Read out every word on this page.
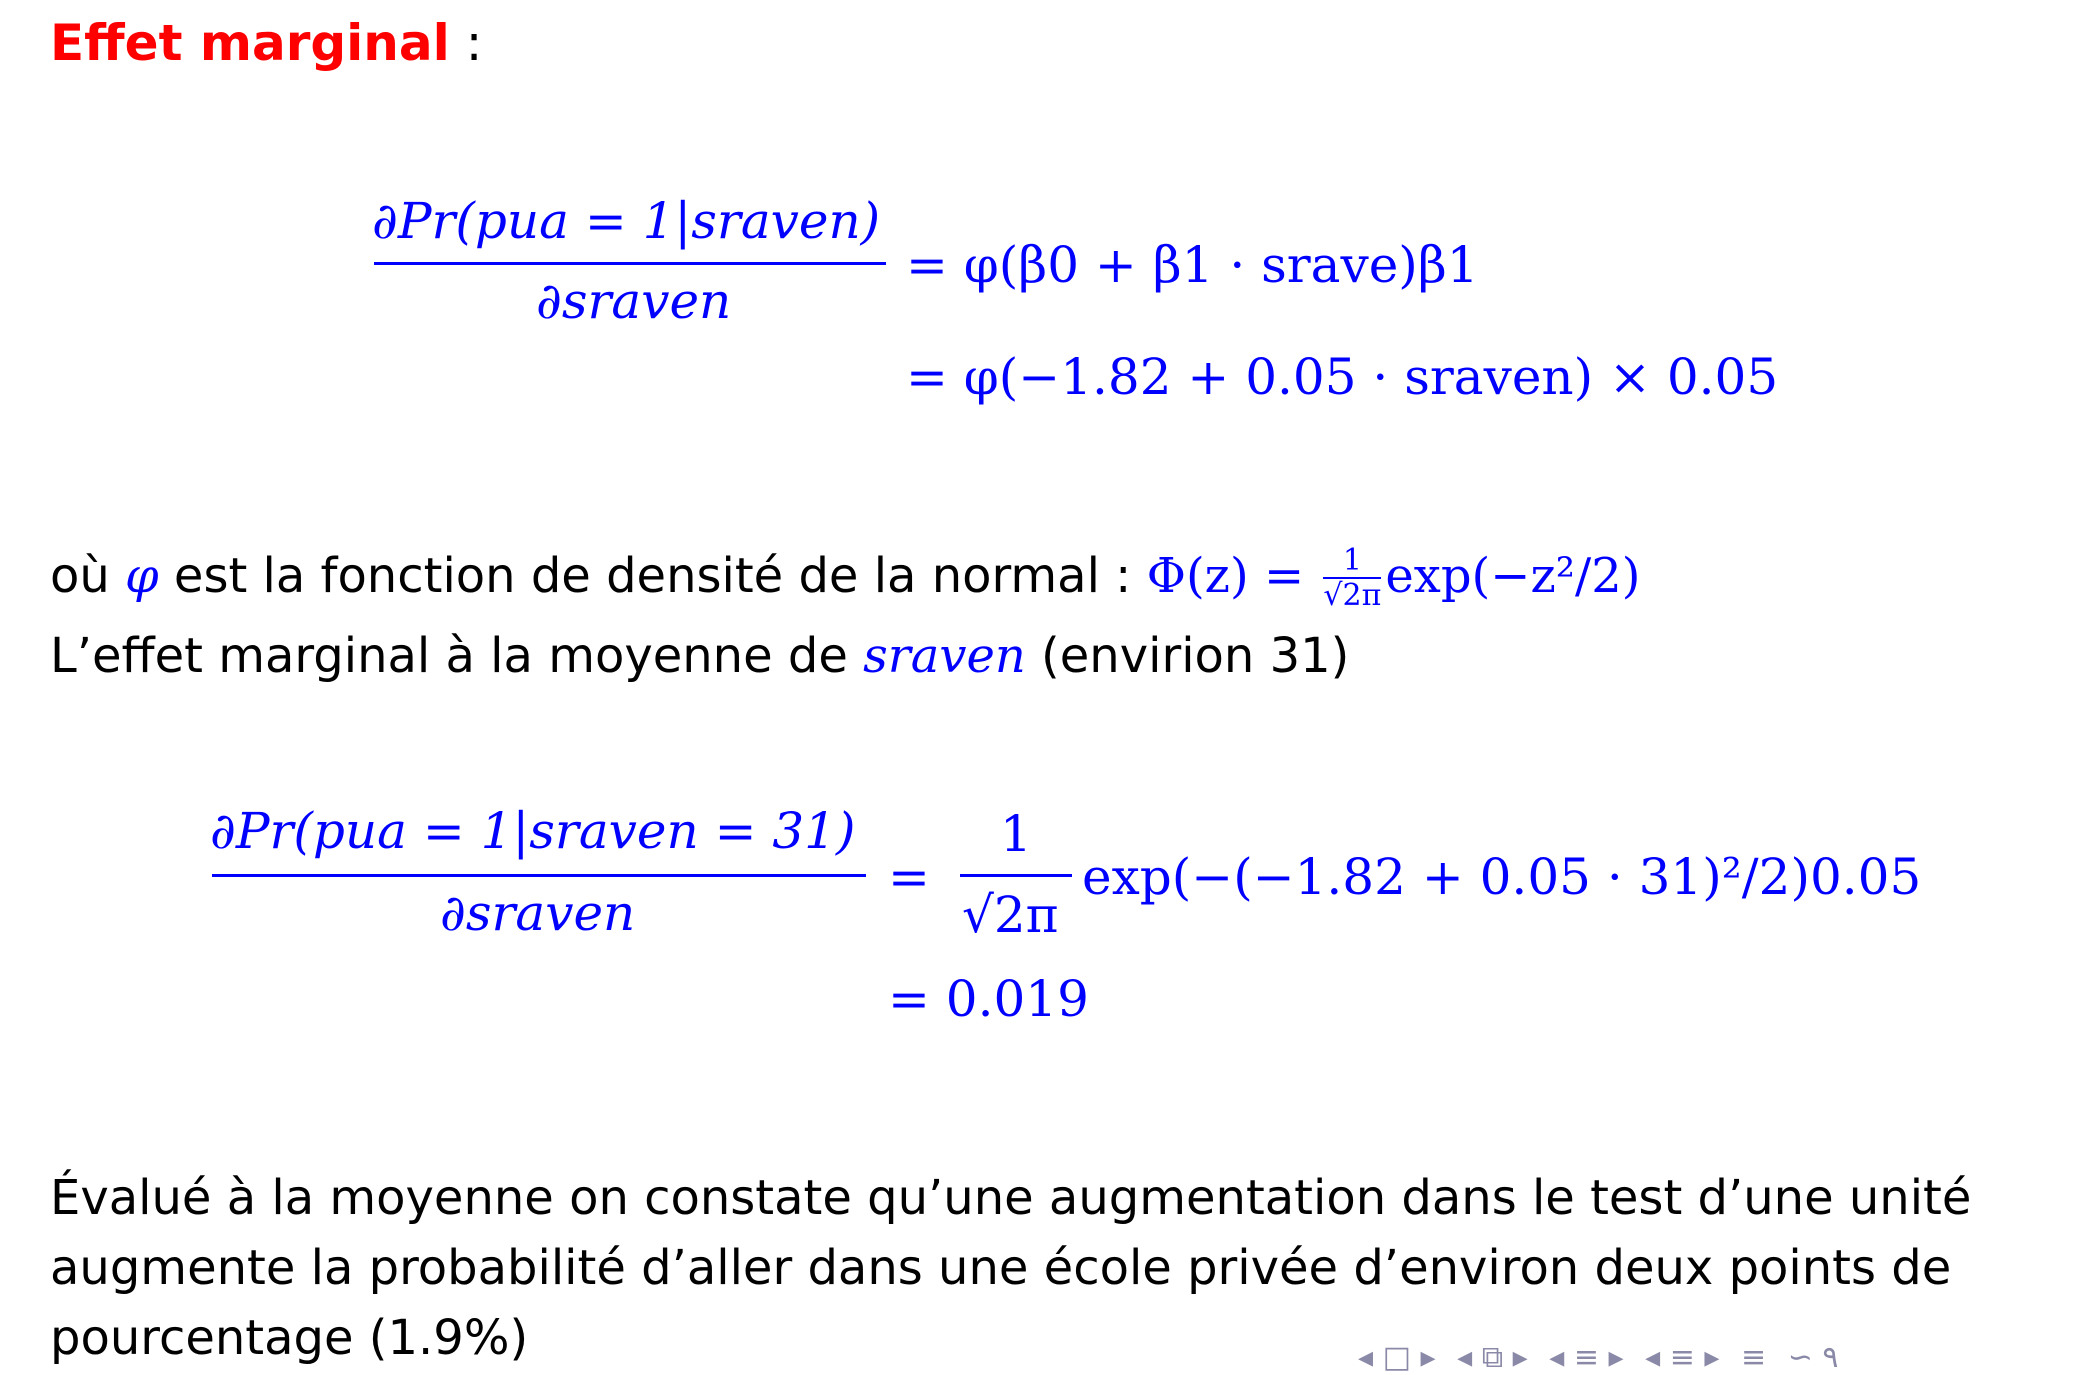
Effet marginal :
∂Pr(pua = 1|sraven)
∂sraven
= φ(β0 + β1 · srave)β1
= φ(−1.82 + 0.05 · sraven) × 0.05
où φ est la fonction de densité de la normal : $\Phi(z) = \frac{1}{√2\pi} \exp(-z^2/2)$
L’effet marginal à la moyenne de sraven (envirion 31)
∂Pr(pua = 1|sraven = 31)
∂sraven
=
1
√2π
exp(−(−1.82 + 0.05 · 31)²/2)0.05
= 0.019
Évalué à la moyenne on constate qu’une augmentation dans le test d’une unité
augmente la probabilité d’aller dans une école privée d’environ deux points de
pourcentage (1.9%)	◂ □ ▸ ◂ ⧉ ▸ ◂ ≡ ▸ ◂ ≡ ▸ ≡ ∽ ۹
